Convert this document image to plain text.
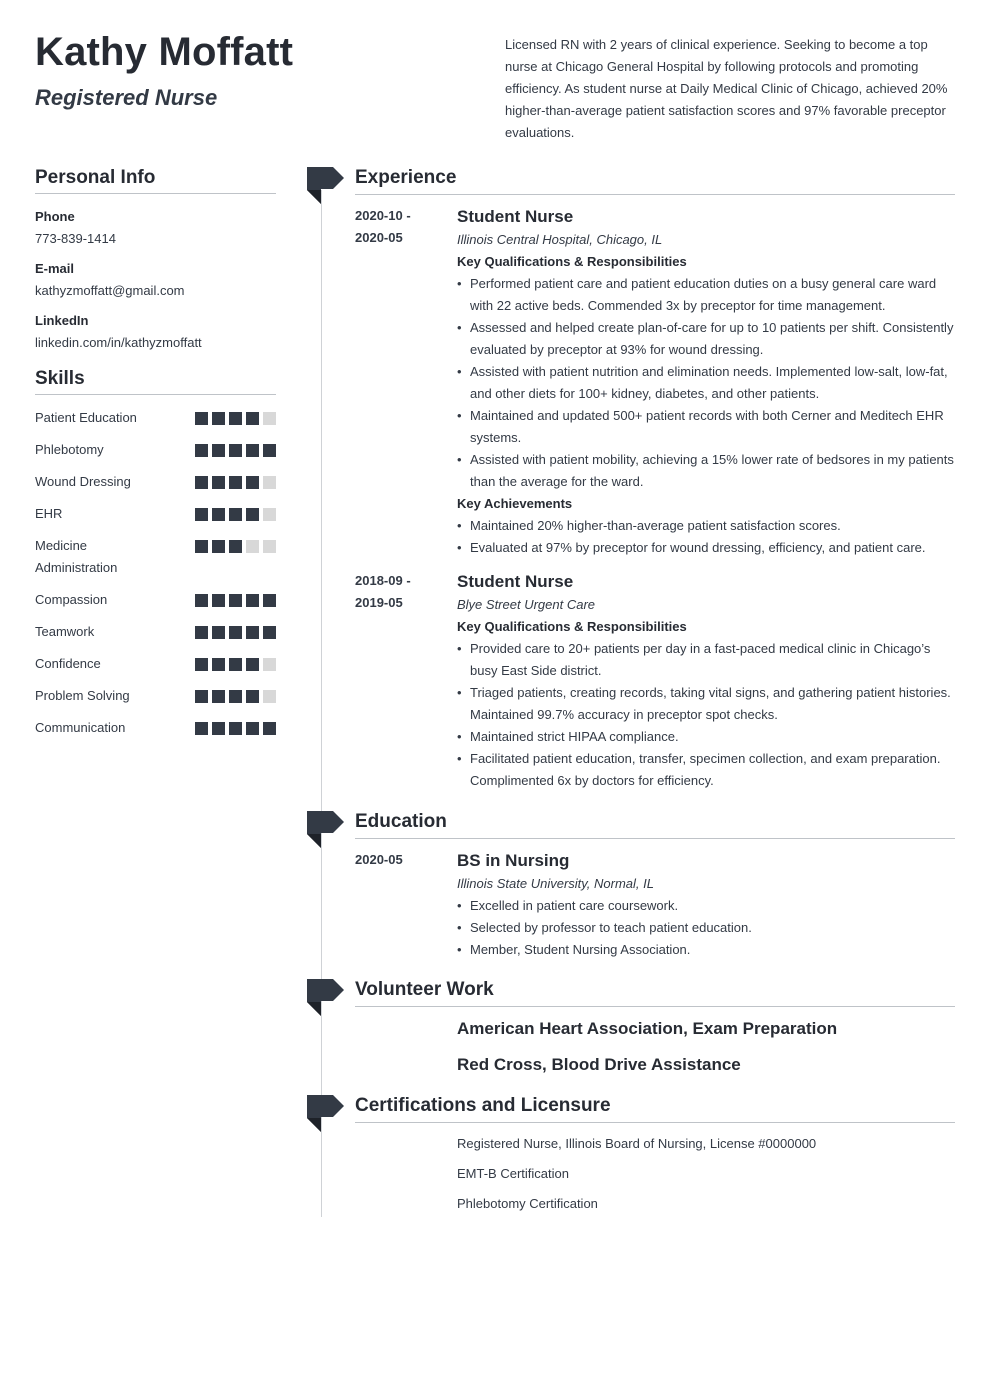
Kathy Moffatt
Registered Nurse

Licensed RN with 2 years of clinical experience. Seeking to become a top nurse at Chicago General Hospital by following protocols and promoting efficiency. As student nurse at Daily Medical Clinic of Chicago, achieved 20% higher-than-average patient satisfaction scores and 97% favorable preceptor evaluations.

Personal Info
Phone
773-839-1414
E-mail
kathyzmoffatt@gmail.com
LinkedIn
linkedin.com/in/kathyzmoffatt
Skills
Patient Education
Phlebotomy
Wound Dressing
EHR
Medicine Administration
Compassion
Teamwork
Confidence
Problem Solving
Communication
Experience
2020-10 -
2020-05
Student Nurse
Illinois Central Hospital, Chicago, IL
Key Qualifications & Responsibilities
• Performed patient care and patient education duties on a busy general care ward with 22 active beds. Commended 3x by preceptor for time management.
• Assessed and helped create plan-of-care for up to 10 patients per shift. Consistently evaluated by preceptor at 93% for wound dressing.
• Assisted with patient nutrition and elimination needs. Implemented low-salt, low-fat, and other diets for 100+ kidney, diabetes, and other patients.
• Maintained and updated 500+ patient records with both Cerner and Meditech EHR systems.
• Assisted with patient mobility, achieving a 15% lower rate of bedsores in my patients than the average for the ward.
Key Achievements
• Maintained 20% higher-than-average patient satisfaction scores.
• Evaluated at 97% by preceptor for wound dressing, efficiency, and patient care.
2018-09 -
2019-05
Student Nurse
Blye Street Urgent Care
Key Qualifications & Responsibilities
• Provided care to 20+ patients per day in a fast-paced medical clinic in Chicago’s busy East Side district.
• Triaged patients, creating records, taking vital signs, and gathering patient histories. Maintained 99.7% accuracy in preceptor spot checks.
• Maintained strict HIPAA compliance.
• Facilitated patient education, transfer, specimen collection, and exam preparation. Complimented 6x by doctors for efficiency.
Education
2020-05	BS in Nursing
Illinois State University, Normal, IL
• Excelled in patient care coursework.
• Selected by professor to teach patient education.
• Member, Student Nursing Association.
Volunteer Work
American Heart Association, Exam Preparation
Red Cross, Blood Drive Assistance
Certifications and Licensure
Registered Nurse, Illinois Board of Nursing, License #0000000
EMT-B Certification
Phlebotomy Certification
